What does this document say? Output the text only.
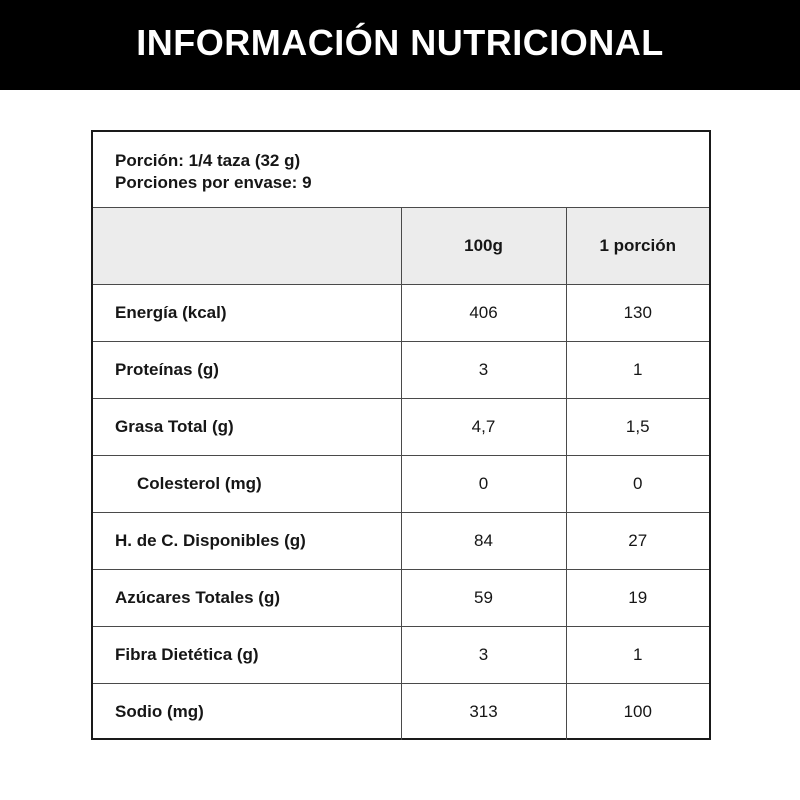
INFORMACIÓN NUTRICIONAL
Porción: 1/4 taza (32 g)
Porciones por envase: 9
	100g	1 porción
Energía (kcal)	406	130
Proteínas (g)	3	1
Grasa Total (g)	4,7	1,5
Colesterol (mg)	0	0
H. de C. Disponibles (g)	84	27
Azúcares Totales (g)	59	19
Fibra Dietética (g)	3	1
Sodio (mg)	313	100
